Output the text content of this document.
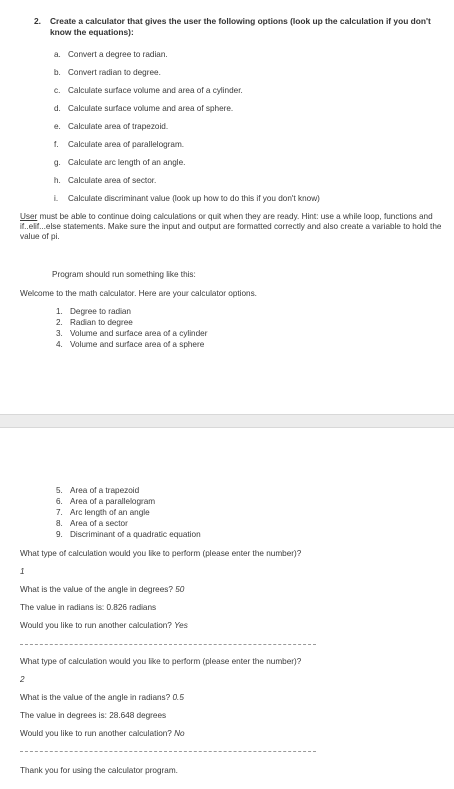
2. Create a calculator that gives the user the following options (look up the calculation if you don't know the equations):
a. Convert a degree to radian.
b. Convert radian to degree.
c. Calculate surface volume and area of a cylinder.
d. Calculate surface volume and area of sphere.
e. Calculate area of trapezoid.
f.	Calculate area of parallelogram.
g. Calculate arc length of an angle.
h. Calculate area of sector.
i.	Calculate discriminant value (look up how to do this if you don't know)
User must be able to continue doing calculations or quit when they are ready. Hint: use a while loop, functions and if..elif...else statements. Make sure the input and output are formatted correctly and also create a variable to hold the value of pi.
Program should run something like this:
Welcome to the math calculator. Here are your calculator options.
1. Degree to radian
2. Radian to degree
3. Volume and surface area of a cylinder
4. Volume and surface area of a sphere
5. Area of a trapezoid
6. Area of a parallelogram
7. Arc length of an angle
8. Area of a sector
9. Discriminant of a quadratic equation
What type of calculation would you like to perform (please enter the number)?
1
What is the value of the angle in degrees? 50
The value in radians is: 0.826 radians
Would you like to run another calculation? Yes
What type of calculation would you like to perform (please enter the number)?
2
What is the value of the angle in radians? 0.5
The value in degrees is: 28.648 degrees
Would you like to run another calculation? No
Thank you for using the calculator program.
